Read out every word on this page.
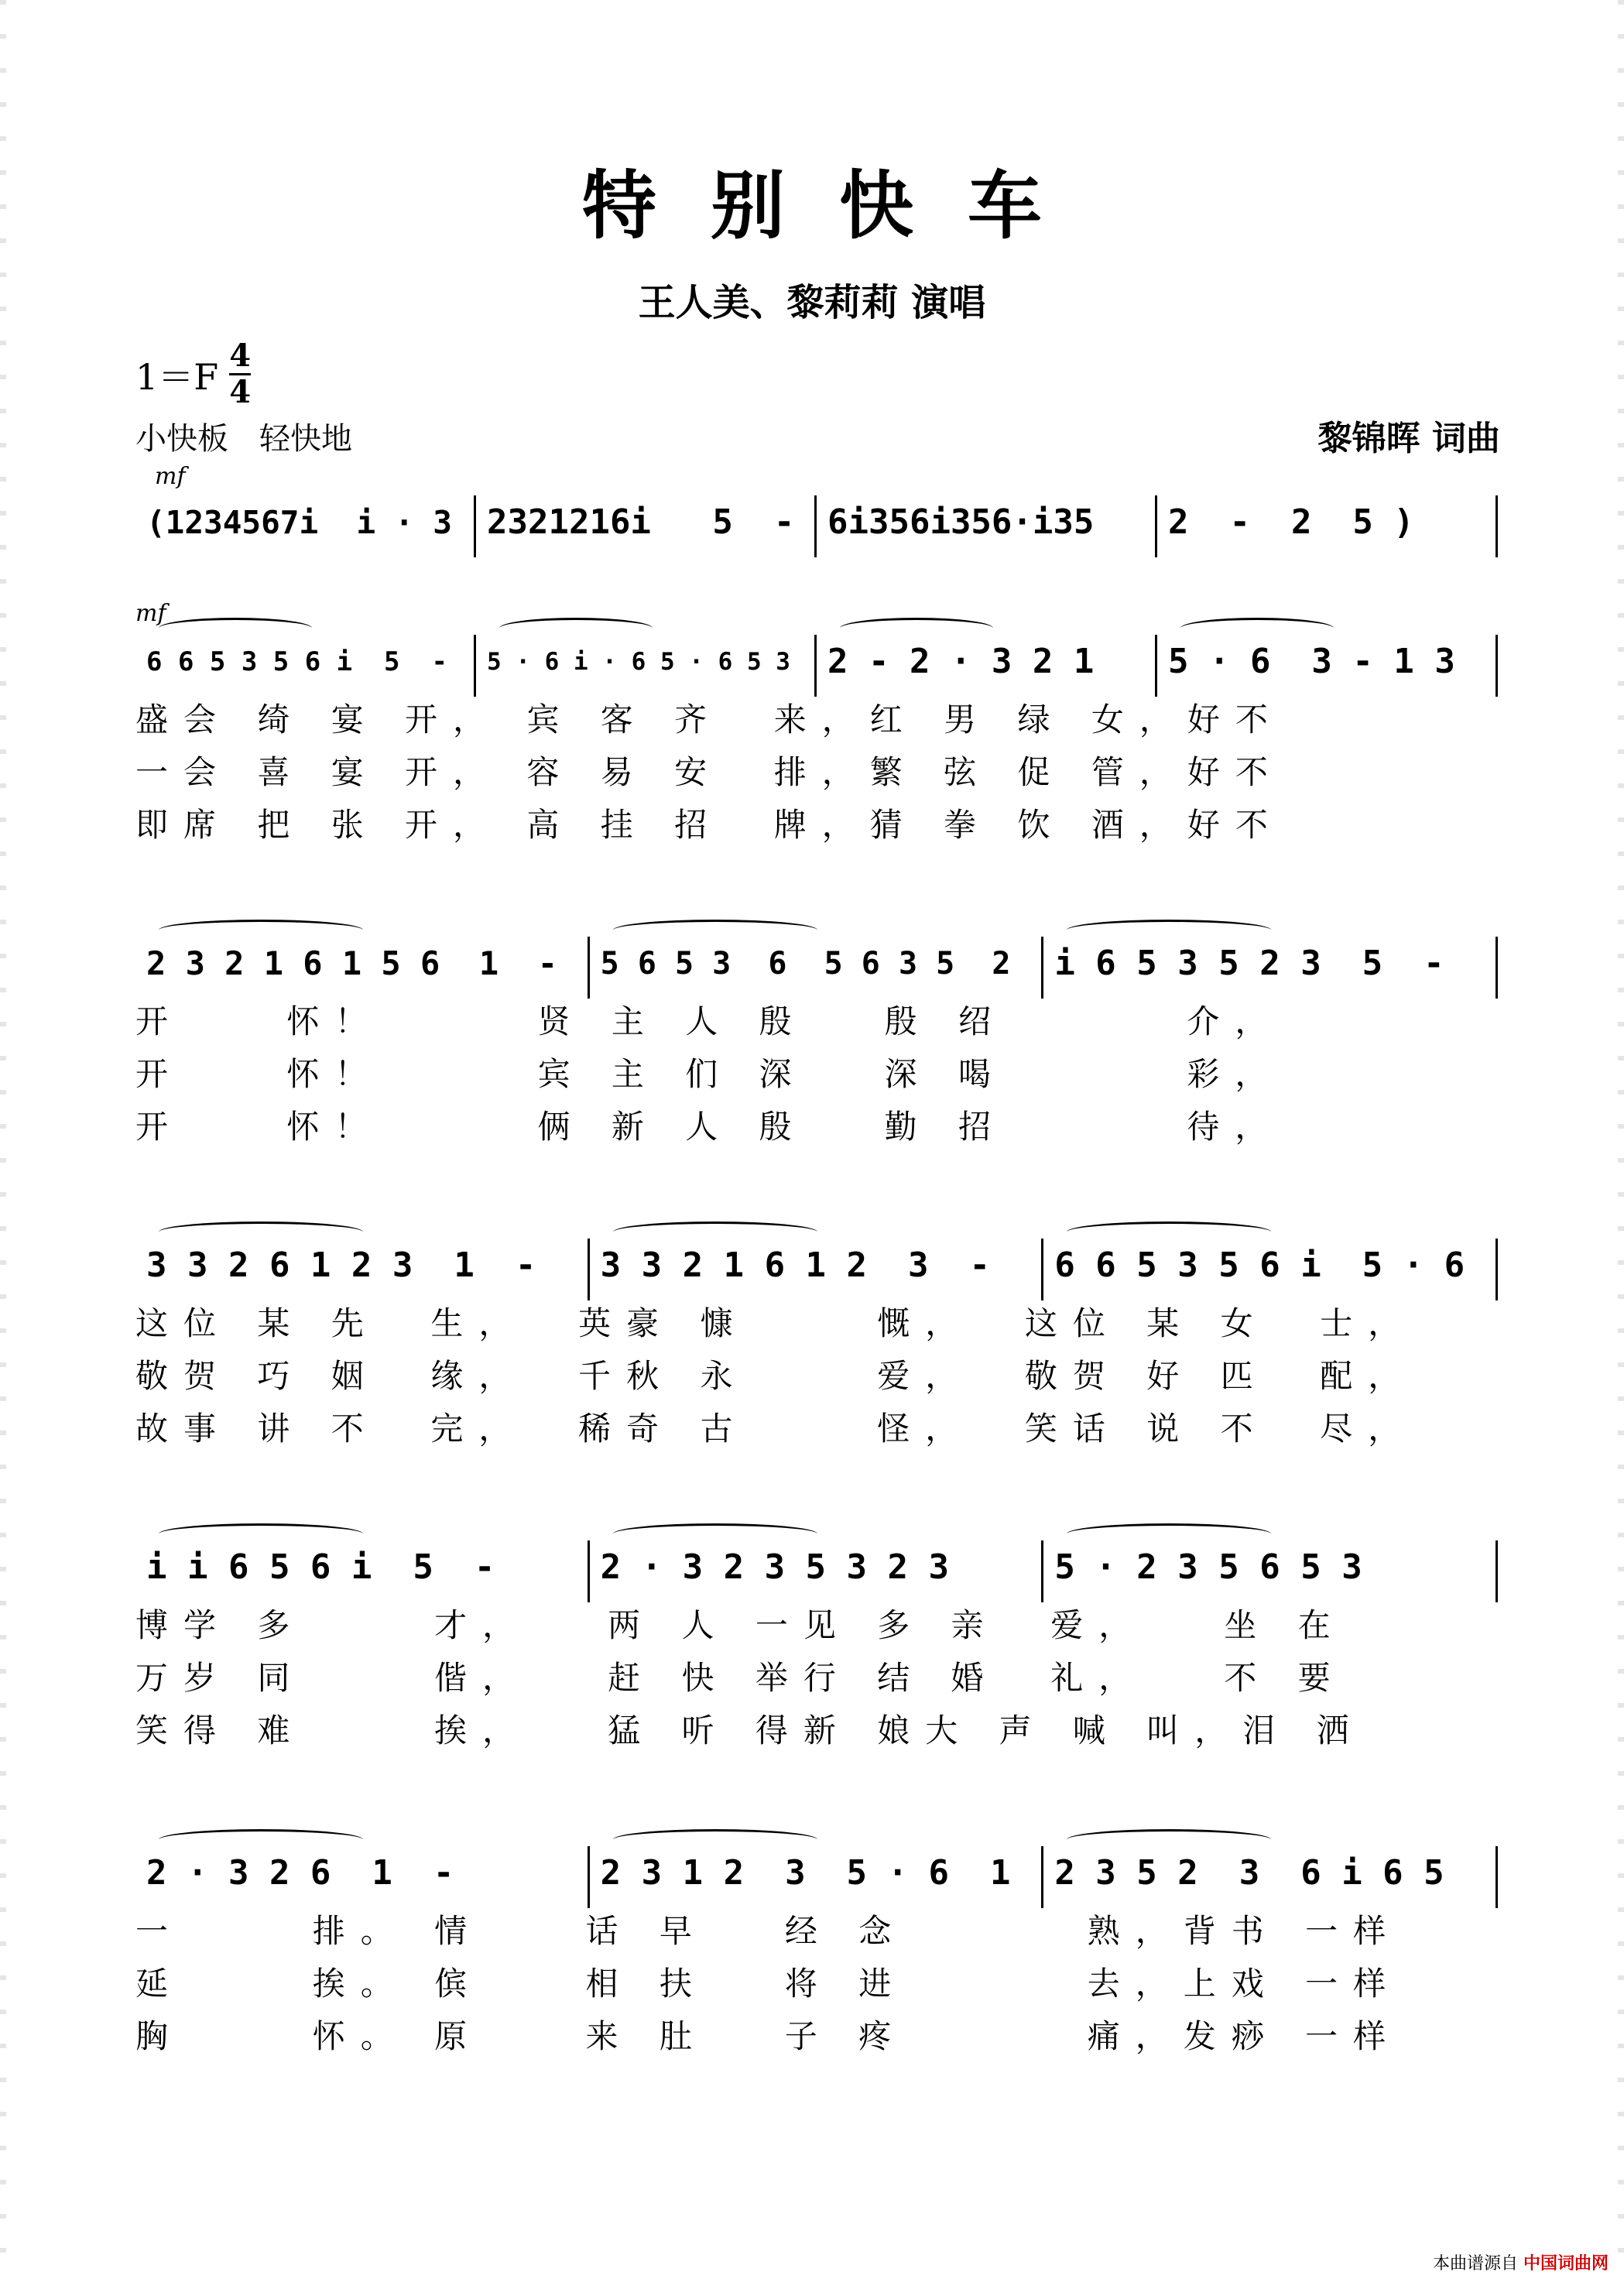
特别快车
王人美、黎莉莉 演唱
1＝F 4
4
小快板　轻快地	黎锦晖 词曲
mf
mf
(1234567i  i · 3	2321216i   5  - 6i356i356·i35	2  -  2  5 )
6 6 5 3 5 6 i  5  -	5 · 6 i · 6 5 · 6 5 3	2 - 2 · 3 2 1	5 · 6  3 - 1 3
盛会 绮 宴 开， 宾 客 齐  来，红 男 绿 女，好不
一会 喜 宴 开， 容 易 安  排，繁 弦 促 管，好不
即席 把 张 开， 高 挂 招  牌，猜 拳 饮 酒，好不
2 3 2 1 6 1 5 6  1  -	5 6 5 3  6  5 6 3 5  2	i 6 5 3 5 2 3  5  -
开    怀！      贤 主 人 殷   殷 绍       介，
开    怀！      宾 主 们 深   深 喝       彩，
开    怀！      俩 新 人 殷   勤 招       待，
3 3 2 6 1 2 3  1  -	3 3 2 1 6 1 2  3  -	6 6 5 3 5 6 i  5 · 6
这位 某 先  生，  英豪 慷     慨，  这位 某 女  士，
敬贺 巧 姻  缘，  千秋 永     爱，  敬贺 好 匹  配，
故事 讲 不  完，  稀奇 古     怪，  笑话 说 不  尽，
i i 6 5 6 i  5  -	2 · 3 2 3 5 3 2 3	5 · 2 3 5 6 5 3
博学 多     才，   两 人 一见 多 亲  爱，   坐 在
万岁 同     偕，   赶 快 举行 结 婚  礼，   不 要
笑得 难     挨，   猛 听 得新 娘大 声 喊 叫，泪 洒
2 · 3 2 6  1  -	2 3 1 2  3  5 · 6  1	2 3 5 2  3  6 i 6 5
一     排。 情    话 早   经 念       熟，背书 一样
延     挨。 傧    相 扶   将 进       去，上戏 一样
胸     怀。 原    来 肚   子 疼       痛，发痧 一样
本曲谱源自 中国词曲网
